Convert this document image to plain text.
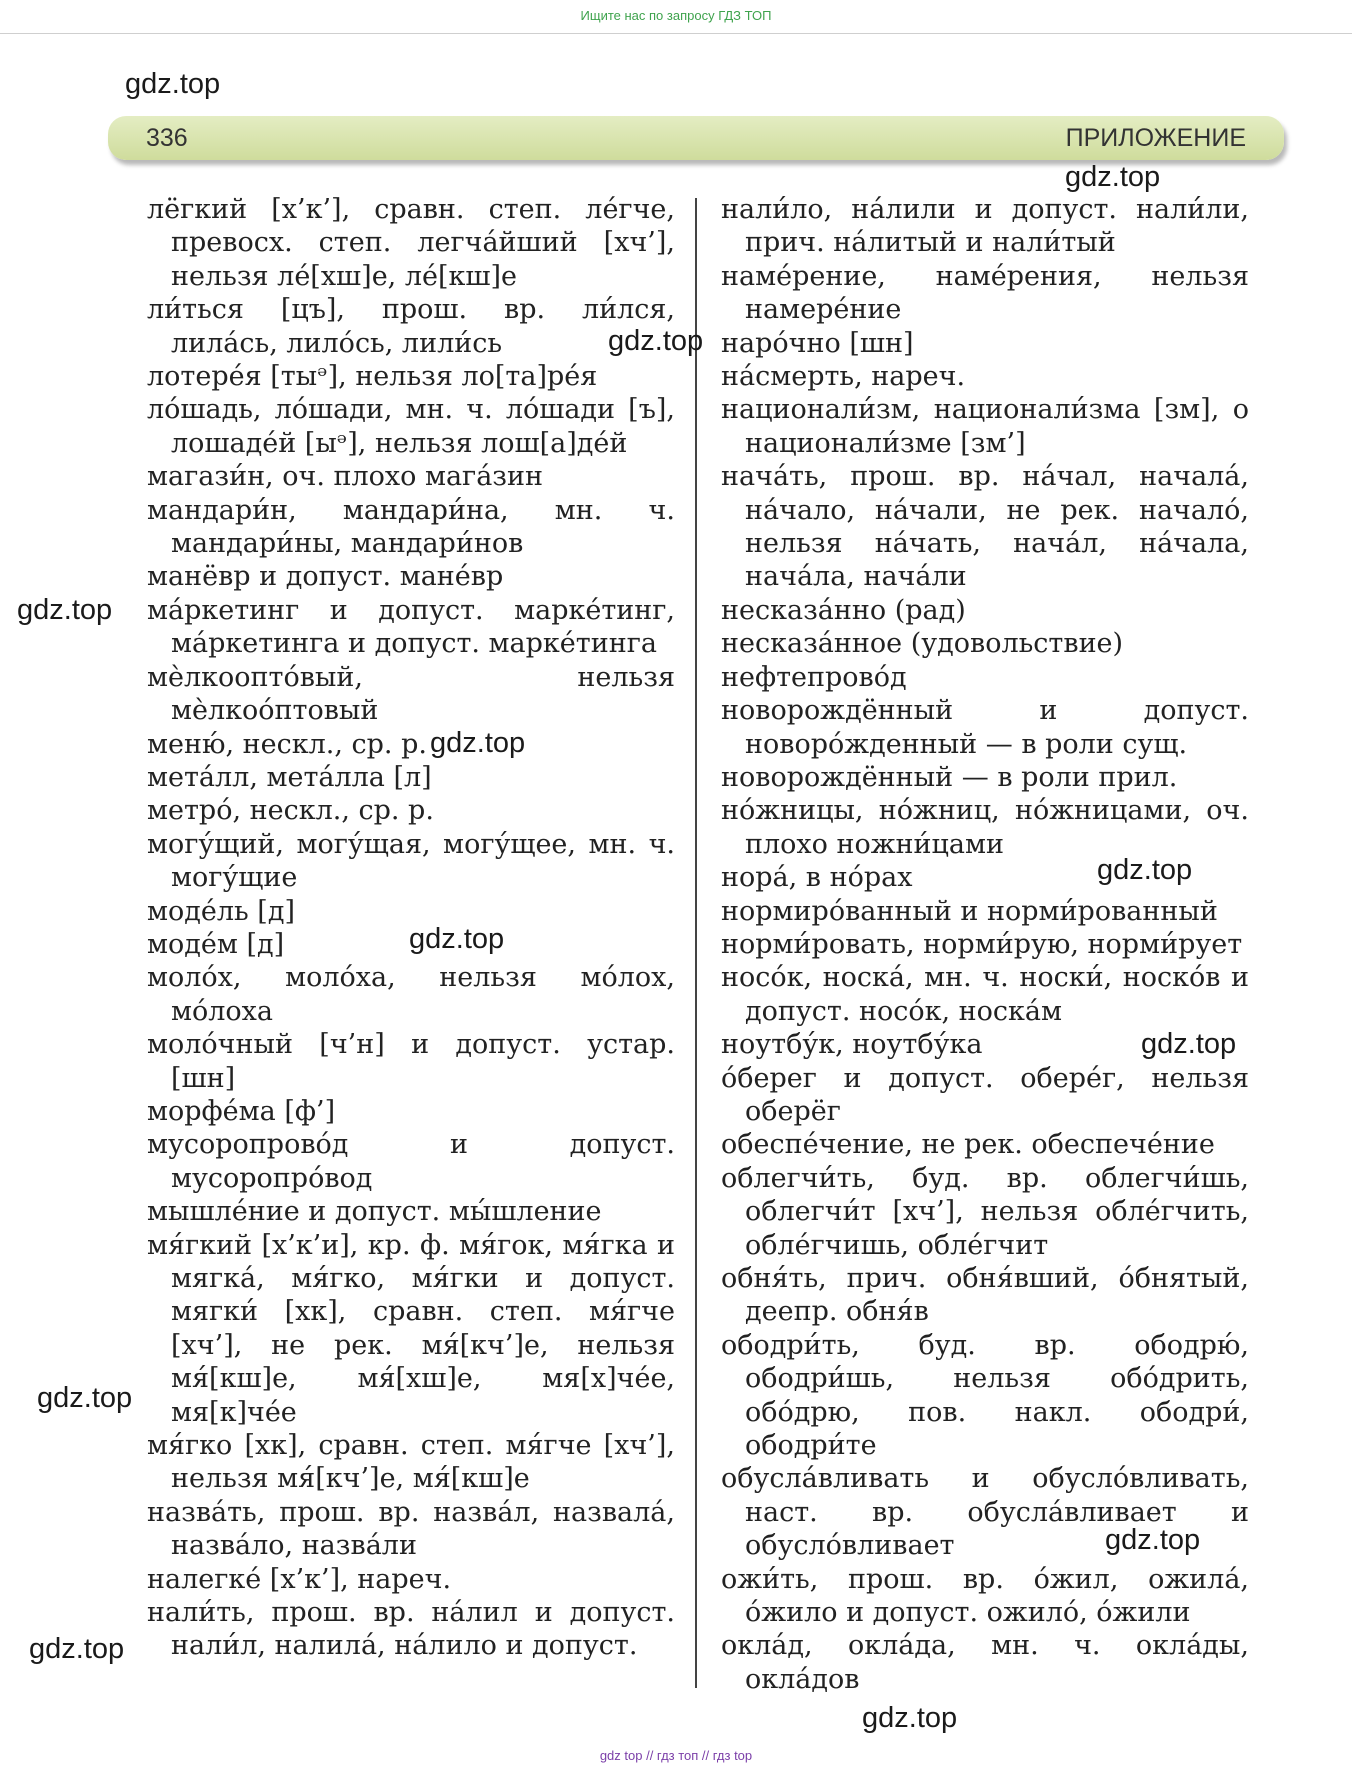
Ищите нас по запросу ГДЗ ТОП
336	ПРИЛОЖЕНИЕ
лёгкий [х’к’], сравн. степ. лéгче, превосх. степ. легчáйший [хч’], нельзя лé[хш]е, лé[кш]е
ли́ться [цъ], прош. вр. ли́лся, лилáсь, лилóсь, лили́сь
лотерéя [тыᵊ], нельзя ло[та]рéя
лóшадь, лóшади, мн. ч. лóшади [ъ], лошадéй [ыᵊ], нельзя лош[а]дéй
магази́н, оч. плохо магáзин
мандари́н, мандари́на, мн. ч. мандари́ны, мандари́нов
манёвр и допуст. манéвр
мáркетинг и допуст. маркéтинг, мáркетинга и допуст. маркéтинга
мѐлкооптóвый, нельзя мѐлкоóптовый
меню́, нескл., ср. р.
метáлл, метáлла [л]
метрó, нескл., ср. р.
могу́щий, могу́щая, могу́щее, мн. ч. могу́щие
модéль [д]
модéм [д]
молóх, молóха, нельзя мóлох, мóлоха
молóчный [ч’н] и допуст. устар. [шн]
морфéма [ф’]
мусоропровóд и допуст. мусоропрóвод
мышлéние и допуст. мы́шление
мя́гкий [х’к’и], кр. ф. мя́гок, мя́гка и мягкá, мя́гко, мя́гки и допуст. мягки́ [хк], сравн. степ. мя́гче [хч’], не рек. мя́[кч’]е, нельзя мя́[кш]е, мя́[хш]е, мя[х]чée, мя[к]чée
мя́гко [хк], сравн. степ. мя́гче [хч’], нельзя мя́[кч’]е, мя́[кш]е
назвáть, прош. вр. назвáл, назвалá, назвáло, назвáли
налегкé [х’к’], нареч.
нали́ть, прош. вр. нáлил и допуст. нали́л, налилá, нáлило и допуст.
нали́ло, нáлили и допуст. нали́ли, прич. нáлитый и нали́тый
намéрение, намéрения, нельзя намерéние
нарóчно [шн]
нáсмерть, нареч.
национали́зм, национали́зма [зм], о национали́зме [зм’]
начáть, прош. вр. нáчал, началá, нáчало, нáчали, не рек. началó, нельзя нáчать, начáл, нáчала, начáла, начáли
несказáнно (рад)
несказáнное (удовольствие)
нефтепровóд
новорождённый и допуст. новорóжденный — в роли сущ.
новорождённый — в роли прил.
нóжницы, нóжниц, нóжницами, оч. плохо ножни́цами
норá, в нóрах
нормирóванный и норми́рованный
норми́ровать, норми́рую, норми́рует
носóк, носкá, мн. ч. носки́, носкóв и допуст. носóк, носкáм
ноутбу́к, ноутбу́ка
óберег и допуст. оберéг, нельзя оберёг
обеспéчение, не рек. обеспечéние
облегчи́ть, буд. вр. облегчи́шь, облегчи́т [хч’], нельзя облéгчить, облéгчишь, облéгчит
обня́ть, прич. обня́вший, óбнятый, деепр. обня́в
ободри́ть, буд. вр. ободрю́, ободри́шь, нельзя обóдрить, обóдрю, пов. накл. ободри́, ободри́те
обуслáвливать и обуслóвливать, наст. вр. обуслáвливает и обуслóвливает
ожи́ть, прош. вр. óжил, ожилá, óжило и допуст. ожилó, óжили
оклáд, оклáда, мн. ч. оклáды, оклáдов
gdz.top
gdz.top
gdz.top
gdz.top
gdz.top
gdz.top
gdz.top
gdz.top
gdz.top
gdz.top
gdz.top
gdz.top
gdz top // гдз топ // гдз top
